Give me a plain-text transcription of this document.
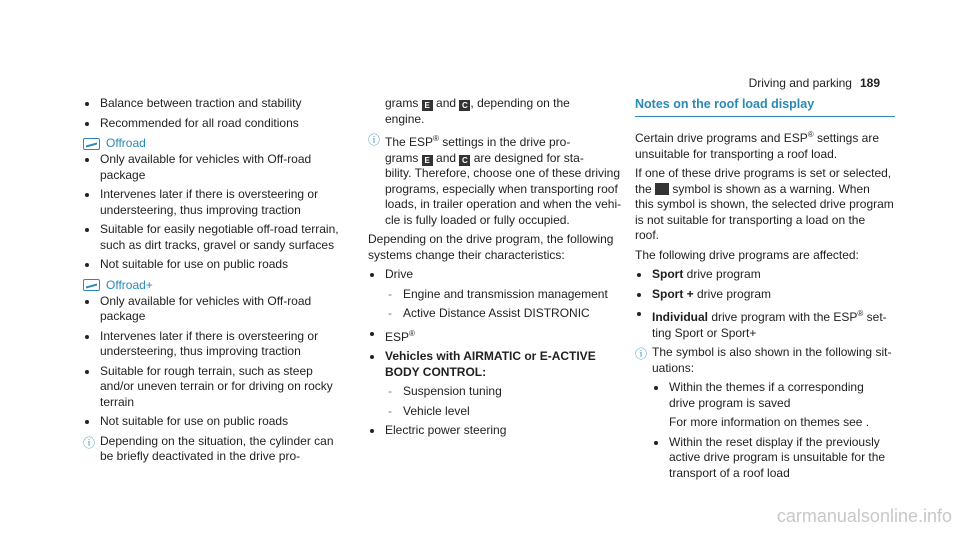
Driving and parking 189
Balance between traction and stability
Recommended for all road conditions
Offroad
Only available for vehicles with Off-road
package
Intervenes later if there is oversteering or
understeering, thus improving traction
Suitable for easily negotiable off-road terrain,
such as dirt tracks, gravel or sandy surfaces
Not suitable for use on public roads
Offroad+
Only available for vehicles with Off-road
package
Intervenes later if there is oversteering or
understeering, thus improving traction
Suitable for rough terrain, such as steep
and/or uneven terrain or for driving on rocky
terrain
Not suitable for use on public roads
ⓘ Depending on the situation, the cylinder can
be briefly deactivated in the drive pro-
grams E and C , depending on the
engine.
ⓘ The ESP® settings in the drive pro-
grams E and C are designed for sta-
bility. Therefore, choose one of these driving
programs, especially when transporting roof
loads, in trailer operation and when the vehi-
cle is fully loaded or fully occupied.
Depending on the drive program, the following
systems change their characteristics:
Drive
- Engine and transmission management
- Active Distance Assist DISTRONIC
ESP®
Vehicles with AIRMATIC or E-ACTIVE
BODY CONTROL:
- Suspension tuning
- Vehicle level
Electric power steering
Notes on the roof load display
Certain drive programs and ESP® settings are
unsuitable for transporting a roof load.
If one of these drive programs is set or selected,
the symbol is shown as a warning. When
this symbol is shown, the selected drive program
is not suitable for transporting a load on the
roof.
The following drive programs are affected:
Sport drive program
Sport + drive program
Individual drive program with the ESP® set-
ting Sport or Sport+
ⓘ The symbol is also shown in the following sit-
uations:
Within the themes if a corresponding
drive program is saved
For more information on themes see .
Within the reset display if the previously
active drive program is unsuitable for the
transport of a roof load
carmanualsonline.info
